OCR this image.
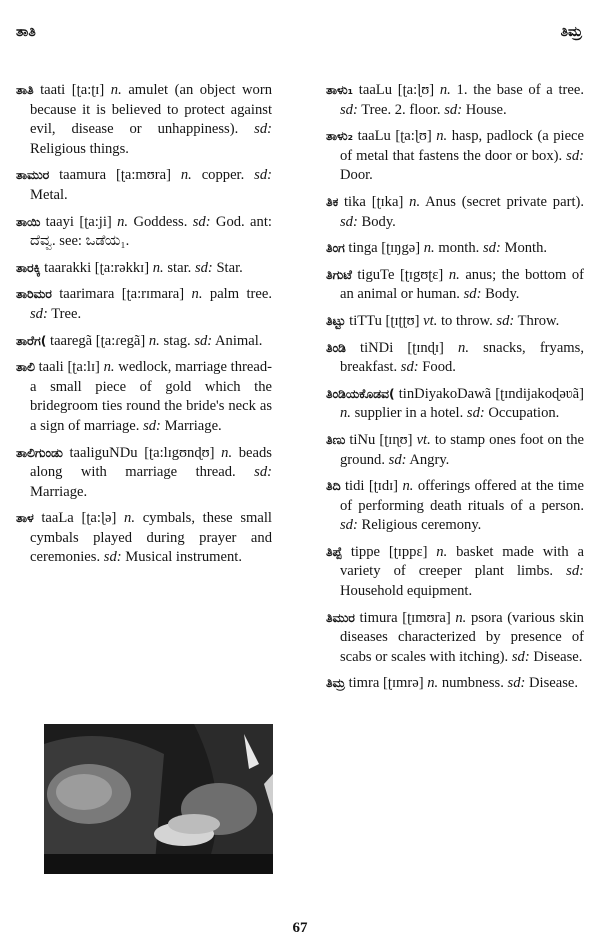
ತಾತಿ	ತಿಮ್ರ

ತಾತಿ taati [ʈa:ʈɪ] n. amulet (an object worn because it is believed to protect against evil, disease or unhappiness). sd: Religious things.

ತಾಮುರ taamura [ʈa:mʊra] n. copper. sd: Metal.

ತಾಯಿ taayi [ʈa:ji] n. Goddess. sd: God. ant: ದೆವ್ವ. see: ಒಡೆಯ₁.

ತಾರಕ್ಕಿ taarakki [ʈa:rəkkɪ] n. star. sd: Star.

ತಾರಿಮರ taarimara [ʈa:rɪmara] n. palm tree. sd: Tree.

ತಾರೆಗ( taaregã [ʈa:ɾegã] n. stag. sd: Animal.

ತಾಲಿ taali [ʈa:lɪ] n. wedlock, marriage thread-a small piece of gold which the bridegroom ties round the bride's neck as a sign of marriage. sd: Marriage.

ತಾಲಿಗುಂಡು taaliguNDu [ʈa:lɪgʊnɖʊ] n. beads along with marriage thread. sd: Marriage.

ತಾಳ taaLa [ʈa:ɭə] n. cymbals, these small cymbals played during prayer and ceremonies. sd: Musical instrument.

ತಾಳು₁ taaLu [ʈa:ɭʊ] n. 1. the base of a tree. sd: Tree. 2. floor. sd: House.

ತಾಳು₂ taaLu [ʈa:ɭʊ] n. hasp, padlock (a piece of metal that fastens the door or box). sd: Door.

ತಿಕ tika [ʈɪka] n. Anus (secret private part). sd: Body.

ತಿಂಗ tinga [ʈɪŋgə] n. month. sd: Month.

ತಿಗುಟೆ tiguTe [ʈɪgʊʈɛ] n. anus; the bottom of an animal or human. sd: Body.

ತಿಟ್ಟು tiTTu [ʈɪʈʈʊ] vt. to throw. sd: Throw.

ತಿಂಡಿ tiNDi [ʈɪnɖɪ] n. snacks, fryams, breakfast. sd: Food.

ತಿಂಡಿಯಕೊಡವ( tinDiyakoDawã [ʈɪndijakoɖəʋã] n. supplier in a hotel. sd: Occupation.

ತಿಣು tiNu [ʈɪɳʊ] vt. to stamp ones foot on the ground. sd: Angry.

ತಿದಿ tidi [ʈɪdɪ] n. offerings offered at the time of performing death rituals of a person. sd: Religious ceremony.

ತಿಪ್ಪೆ tippe [ʈɪppɛ] n. basket made with a variety of creeper plant limbs. sd: Household equipment.

ತಿಮುರ timura [ʈɪmʊra] n. psora (various skin diseases characterized by presence of scabs or scales with itching). sd: Disease.

ತಿಮ್ರ timra [ʈɪmrə] n. numbness. sd: Disease.

67
